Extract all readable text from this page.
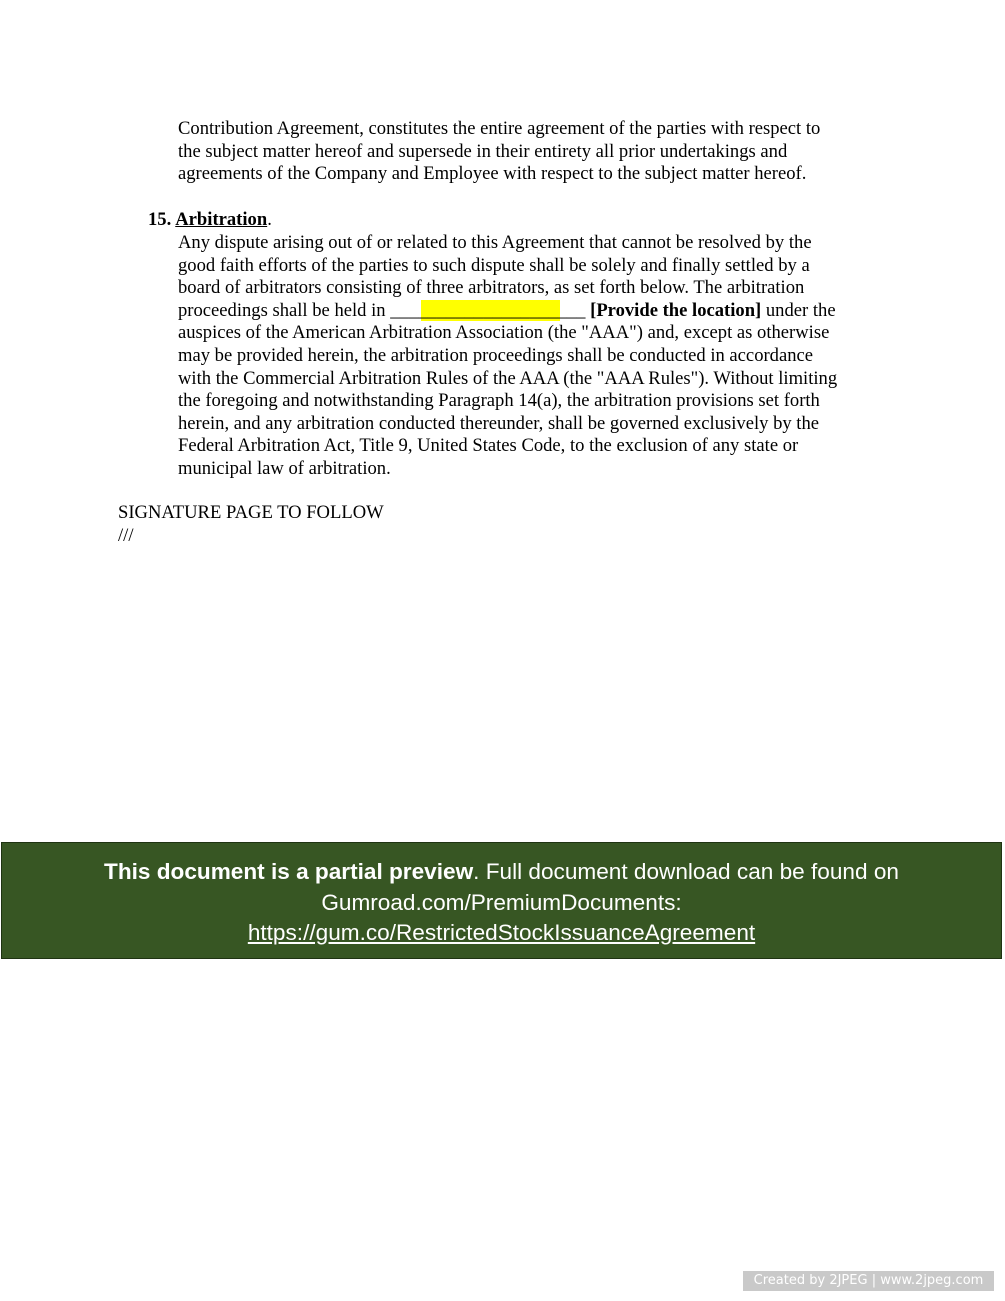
Contribution Agreement, constitutes the entire agreement of the parties with respect to
the subject matter hereof and supersede in their entirety all prior undertakings and
agreements of the Company and Employee with respect to the subject matter hereof.
15. Arbitration.
Any dispute arising out of or related to this Agreement that cannot be resolved by the
good faith efforts of the parties to such dispute shall be solely and finally settled by a
board of arbitrators consisting of three arbitrators, as set forth below. The arbitration
proceedings shall be held in
_____________________ [Provide the location] under the
auspices of the American Arbitration Association (the "AAA") and, except as otherwise
may be provided herein, the arbitration proceedings shall be conducted in accordance
with the Commercial Arbitration Rules of the AAA (the "AAA Rules"). Without limiting
the foregoing and notwithstanding Paragraph 14(a), the arbitration provisions set forth
herein, and any arbitration conducted thereunder, shall be governed exclusively by the
Federal Arbitration Act, Title 9, United States Code, to the exclusion of any state or
municipal law of arbitration.
SIGNATURE PAGE TO FOLLOW
///
This document is a partial preview. Full document download can be found on
Gumroad.com/PremiumDocuments:
https://gum.co/RestrictedStockIssuanceAgreement
Created by 2JPEG | www.2jpeg.com
